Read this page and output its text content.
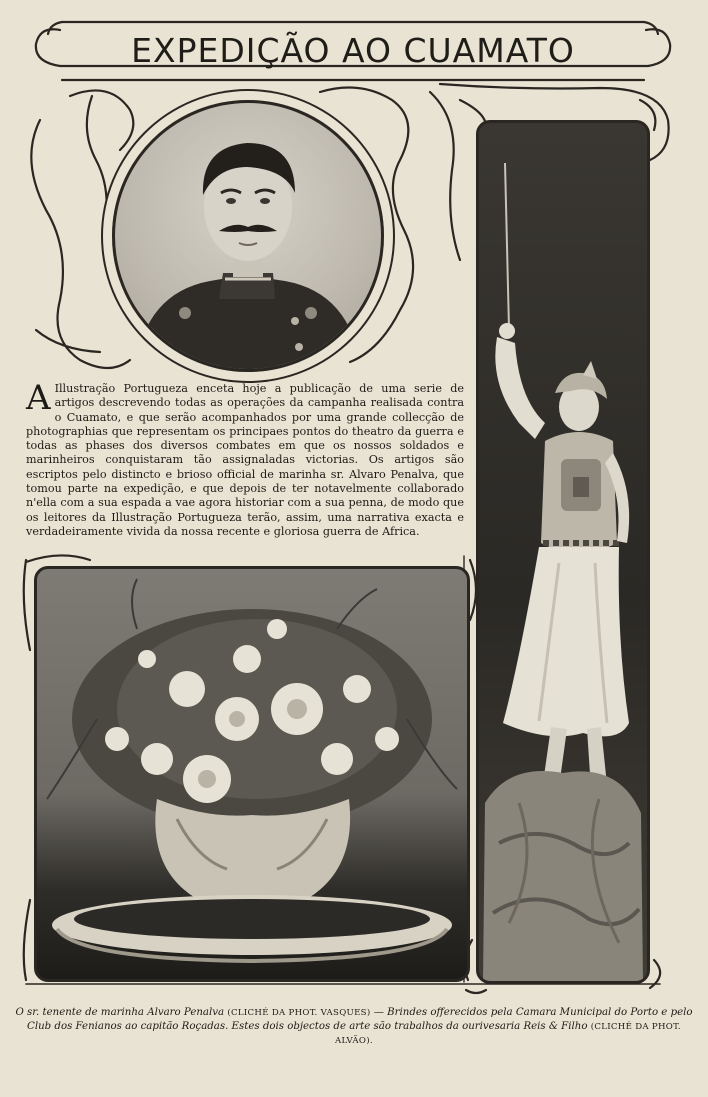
EXPEDIÇÃO AO CUAMATO
A Illustração Portugueza enceta hoje a publicação de uma serie de artigos descrevendo todas as operações da campanha realisada contra o Cuamato, e que serão acompanhados por uma grande collecção de photographias que representam os principaes pontos do theatro da guerra e todas as phases dos diversos combates em que os nossos soldados e marinheiros conquistaram tão assignaladas victorias. Os artigos são escriptos pelo distincto e brioso official de marinha sr. Alvaro Penalva, que tomou parte na expedição, e que depois de ter notavelmente collaborado n'ella com a sua espada a vae agora historiar com a sua penna, de modo que os leitores da Illustração Portugueza terão, assim, uma narrativa exacta e verdadeiramente vivida da nossa recente e gloriosa guerra de Africa.

O sr. tenente de marinha Alvaro Penalva (CLICHÉ DA PHOT. VASQUES) — Brindes offerecidos pela Camara Municipal do Porto e pelo Club dos Fenianos ao capitão Roçadas. Estes dois objectos de arte são trabalhos da ourivesaria Reis & Filho (CLICHÉ DA PHOT. ALVÃO).
